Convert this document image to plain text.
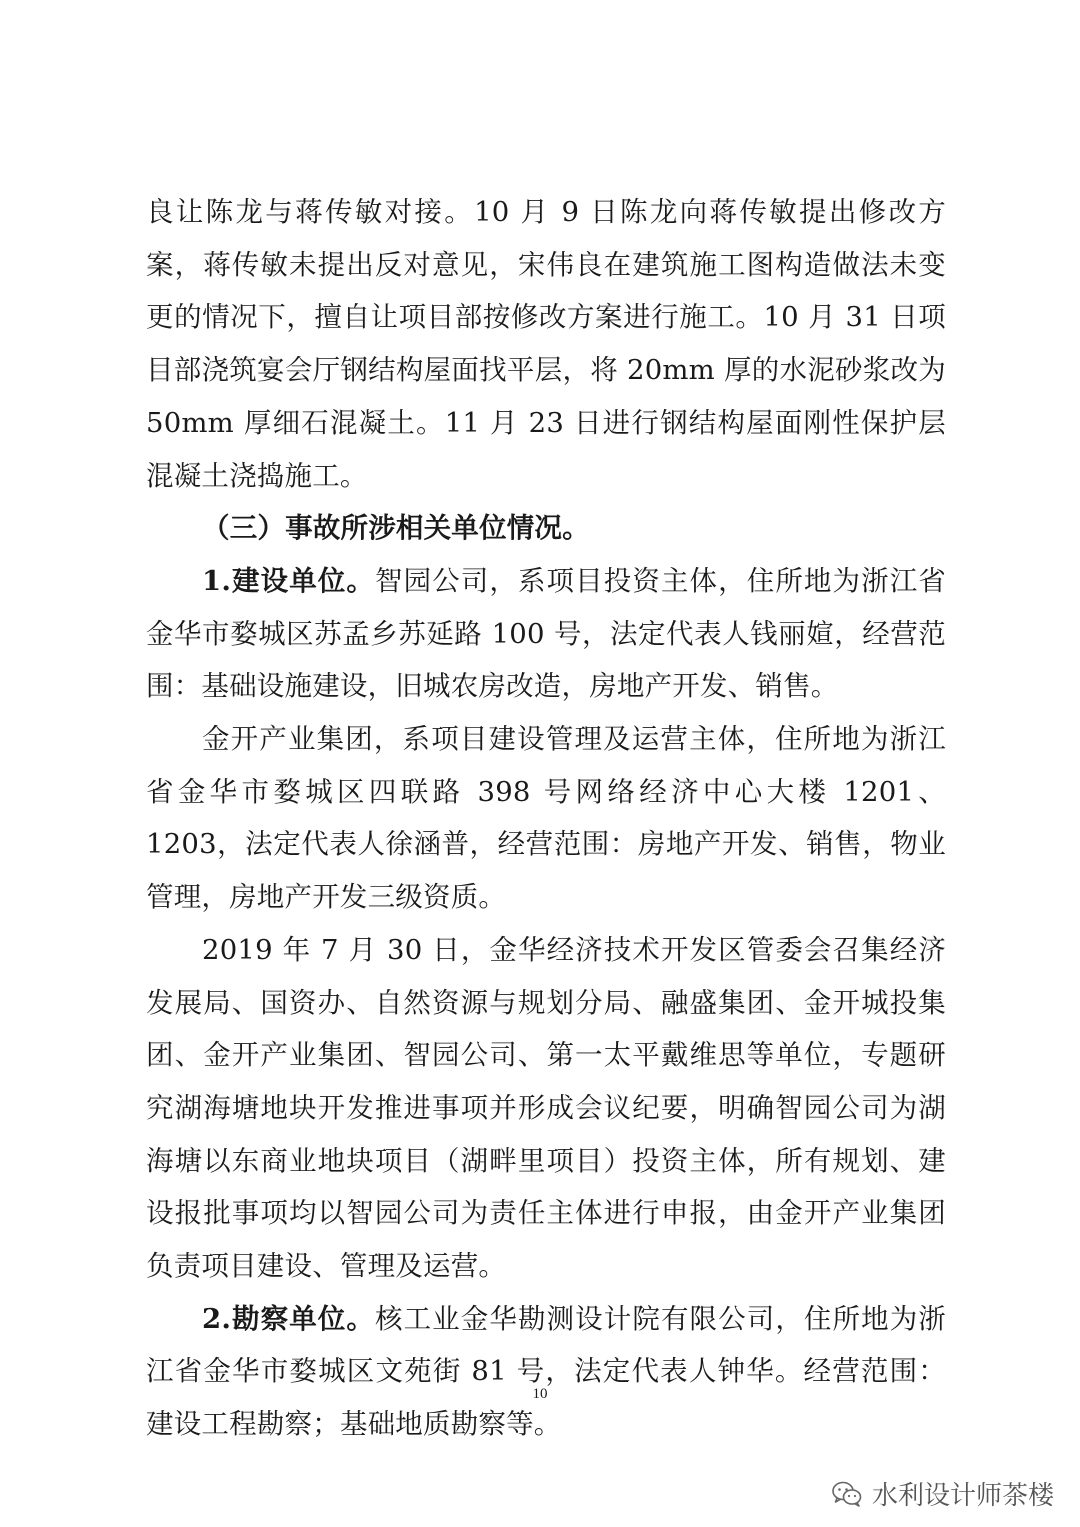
良让陈龙与蒋传敏对接。10 月 9 日陈龙向蒋传敏提出修改方案，蒋传敏未提出反对意见，宋伟良在建筑施工图构造做法未变更的情况下，擅自让项目部按修改方案进行施工。10 月 31 日项目部浇筑宴会厅钢结构屋面找平层，将 20mm 厚的水泥砂浆改为 50mm 厚细石混凝土。11 月 23 日进行钢结构屋面刚性保护层混凝土浇捣施工。

（三）事故所涉相关单位情况。

1.建设单位。智园公司，系项目投资主体，住所地为浙江省金华市婺城区苏孟乡苏延路 100 号，法定代表人钱丽媗，经营范围：基础设施建设，旧城农房改造，房地产开发、销售。

金开产业集团，系项目建设管理及运营主体，住所地为浙江省金华市婺城区四联路 398 号网络经济中心大楼 1201、1203，法定代表人徐涵普，经营范围：房地产开发、销售，物业管理，房地产开发三级资质。

2019 年 7 月 30 日，金华经济技术开发区管委会召集经济发展局、国资办、自然资源与规划分局、融盛集团、金开城投集团、金开产业集团、智园公司、第一太平戴维思等单位，专题研究湖海塘地块开发推进事项并形成会议纪要，明确智园公司为湖海塘以东商业地块项目（湖畔里项目）投资主体，所有规划、建设报批事项均以智园公司为责任主体进行申报，由金开产业集团负责项目建设、管理及运营。

2.勘察单位。核工业金华勘测设计院有限公司，住所地为浙江省金华市婺城区文苑街 81 号，法定代表人钟华。经营范围：建设工程勘察；基础地质勘察等。

10
水利设计师茶楼
